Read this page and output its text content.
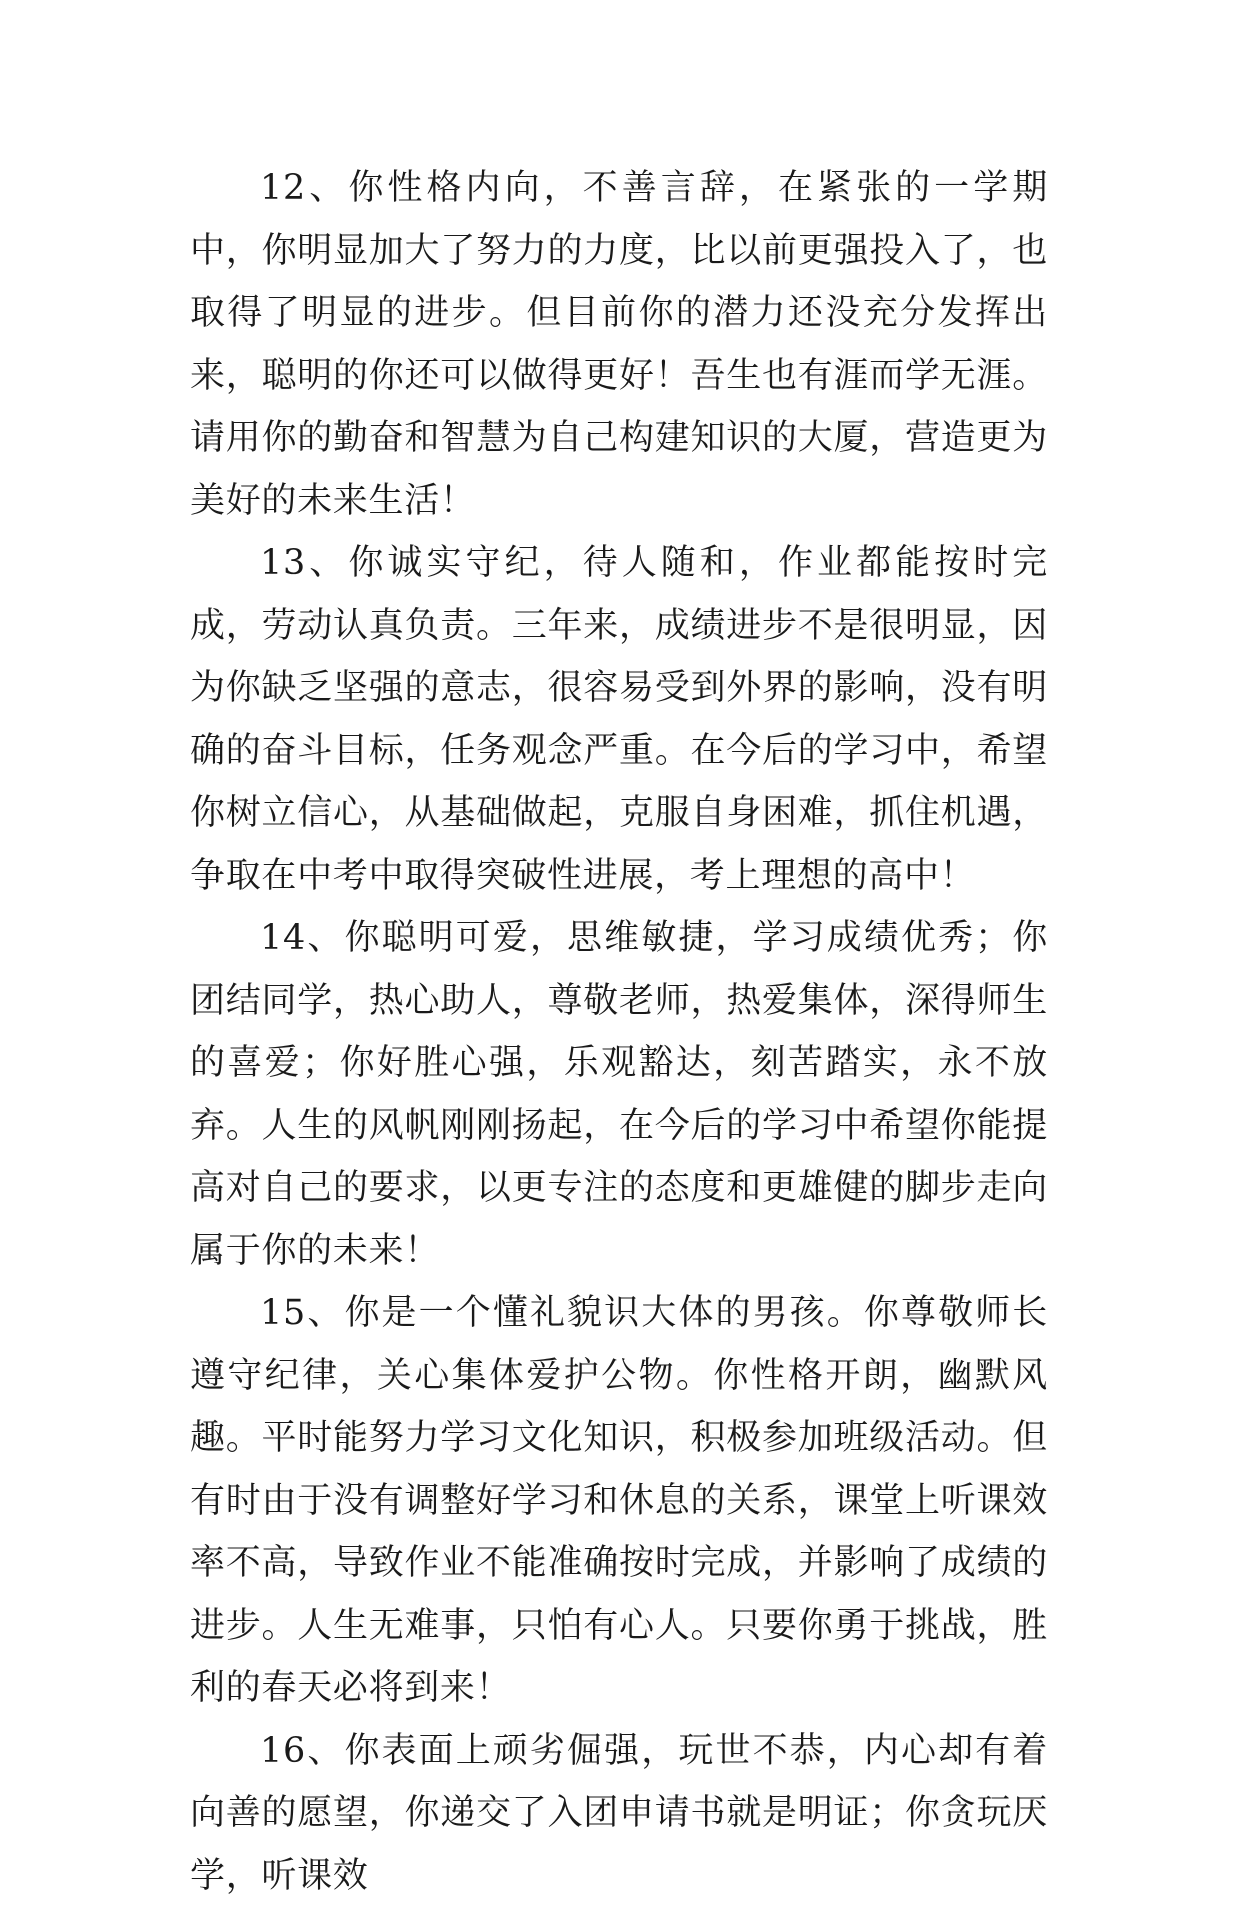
12、你性格内向，不善言辞，在紧张的一学期中，你明显加大了努力的力度，比以前更强投入了，也取得了明显的进步。但目前你的潜力还没充分发挥出来，聪明的你还可以做得更好！吾生也有涯而学无涯。请用你的勤奋和智慧为自己构建知识的大厦，营造更为美好的未来生活！

13、你诚实守纪，待人随和，作业都能按时完成，劳动认真负责。三年来，成绩进步不是很明显，因为你缺乏坚强的意志，很容易受到外界的影响，没有明确的奋斗目标，任务观念严重。在今后的学习中，希望你树立信心，从基础做起，克服自身困难，抓住机遇，争取在中考中取得突破性进展，考上理想的高中！

14、你聪明可爱，思维敏捷，学习成绩优秀；你团结同学，热心助人，尊敬老师，热爱集体，深得师生的喜爱；你好胜心强，乐观豁达，刻苦踏实，永不放弃。人生的风帆刚刚扬起，在今后的学习中希望你能提高对自己的要求，以更专注的态度和更雄健的脚步走向属于你的未来！

15、你是一个懂礼貌识大体的男孩。你尊敬师长遵守纪律，关心集体爱护公物。你性格开朗，幽默风趣。平时能努力学习文化知识，积极参加班级活动。但有时由于没有调整好学习和休息的关系，课堂上听课效率不高，导致作业不能准确按时完成，并影响了成绩的进步。人生无难事，只怕有心人。只要你勇于挑战，胜利的春天必将到来！

16、你表面上顽劣倔强，玩世不恭，内心却有着向善的愿望，你递交了入团申请书就是明证；你贪玩厌学，听课效
